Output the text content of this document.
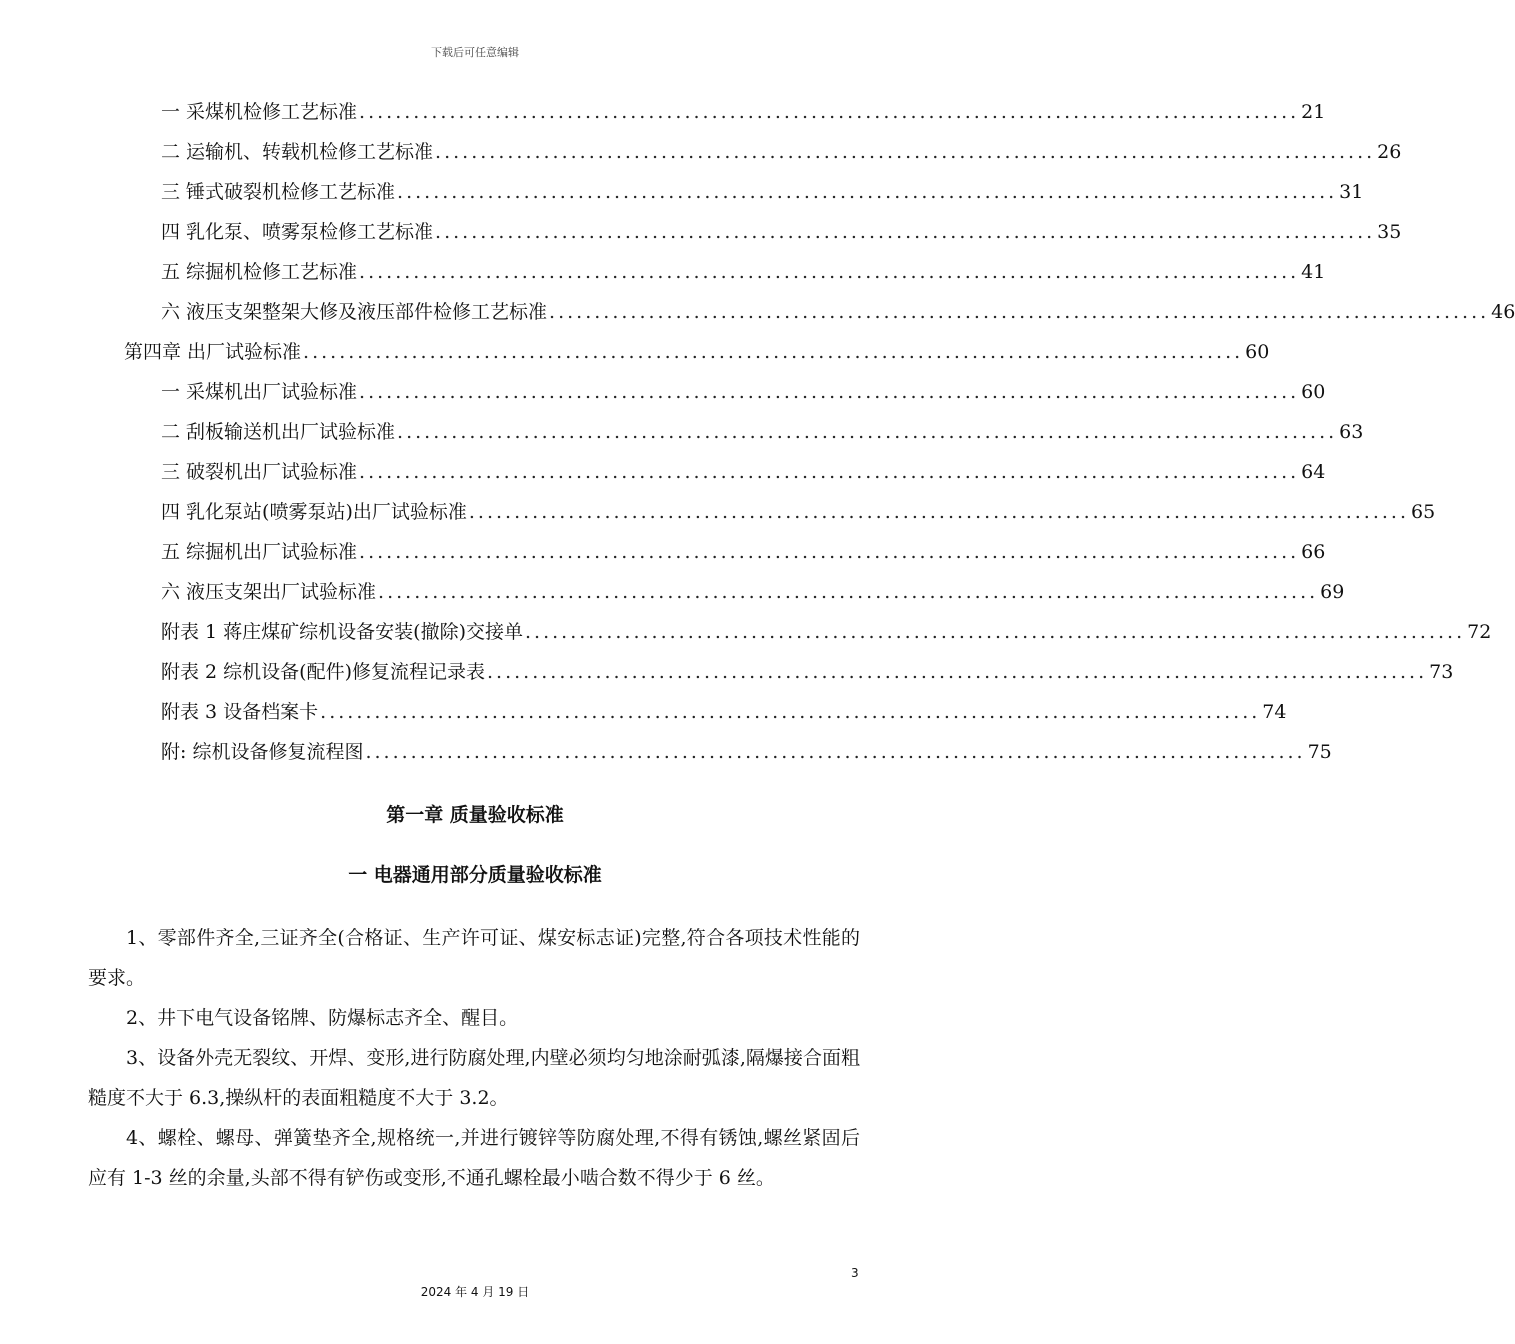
下载后可任意编辑
一 采煤机检修工艺标准 ........................................................................................................ 21
二 运输机、转载机检修工艺标准 ........................................................................................................ 26
三 锤式破裂机检修工艺标准 ........................................................................................................ 31
四 乳化泵、喷雾泵检修工艺标准 ........................................................................................................ 35
五 综掘机检修工艺标准 ........................................................................................................ 41
六 液压支架整架大修及液压部件检修工艺标准 ........................................................................................................ 46
第四章 出厂试验标准 ........................................................................................................ 60
一 采煤机出厂试验标准 ........................................................................................................ 60
二 刮板输送机出厂试验标准 ........................................................................................................ 63
三 破裂机出厂试验标准 ........................................................................................................ 64
四 乳化泵站(喷雾泵站)出厂试验标准 ........................................................................................................ 65
五 综掘机出厂试验标准 ........................................................................................................ 66
六 液压支架出厂试验标准 ........................................................................................................ 69
附表 1 蒋庄煤矿综机设备安装(撤除)交接单 ........................................................................................................ 72
附表 2 综机设备(配件)修复流程记录表 ........................................................................................................ 73
附表 3 设备档案卡 ........................................................................................................ 74
附: 综机设备修复流程图 ........................................................................................................ 75
第一章 质量验收标准
一 电器通用部分质量验收标准

1、零部件齐全,三证齐全(合格证、生产许可证、煤安标志证)完整,符合各项技术性能的要求。

2、井下电气设备铭牌、防爆标志齐全、醒目。

3、设备外壳无裂纹、开焊、变形,进行防腐处理,内壁必须均匀地涂耐弧漆,隔爆接合面粗糙度不大于 6.3,操纵杆的表面粗糙度不大于 3.2。

4、螺栓、螺母、弹簧垫齐全,规格统一,并进行镀锌等防腐处理,不得有锈蚀,螺丝紧固后应有 1-3 丝的余量,头部不得有铲伤或变形,不通孔螺栓最小啮合数不得少于 6 丝。

3
2024 年 4 月 19 日
